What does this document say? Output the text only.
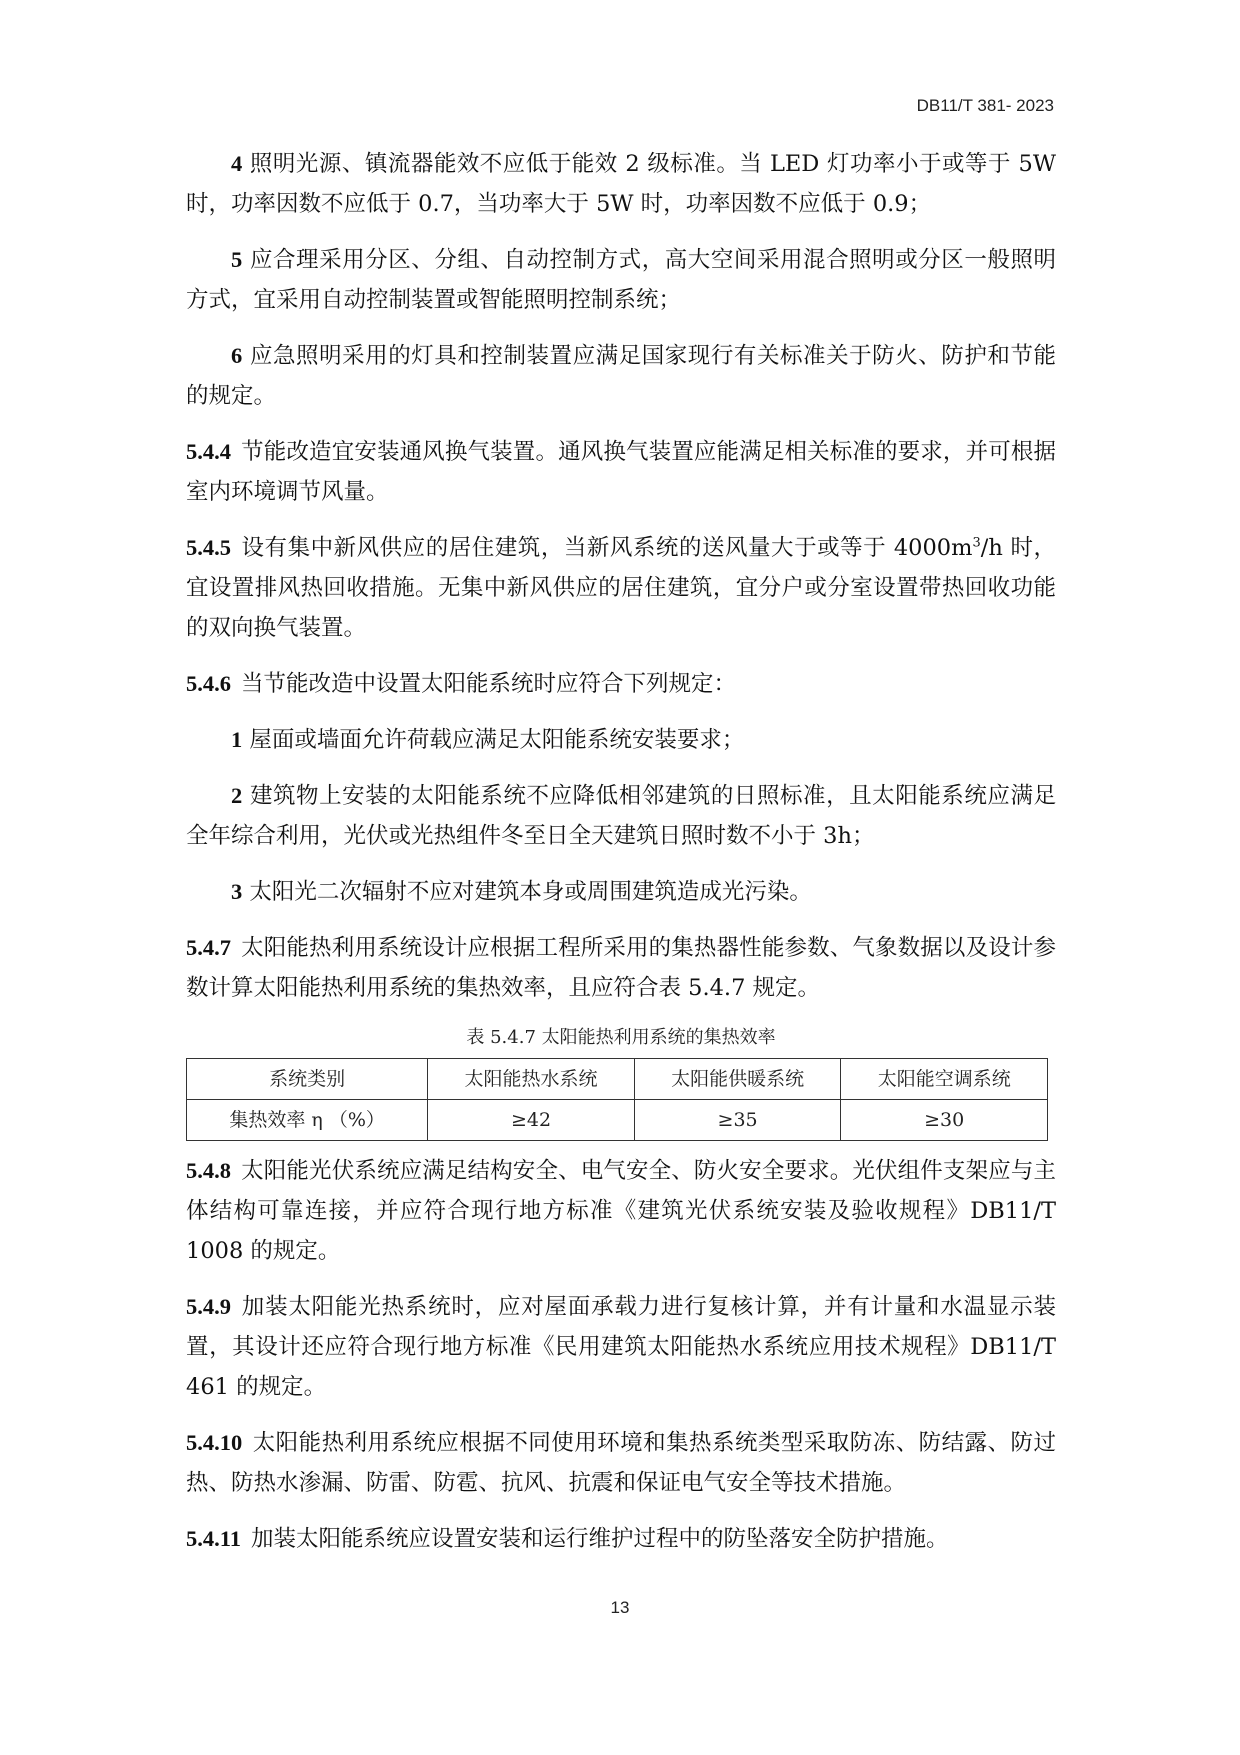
DB11/T 381- 2023

4 照明光源、镇流器能效不应低于能效 2 级标准。当 LED 灯功率小于或等于 5W 时，功率因数不应低于 0.7，当功率大于 5W 时，功率因数不应低于 0.9；

5 应合理采用分区、分组、自动控制方式，高大空间采用混合照明或分区一般照明方式，宜采用自动控制装置或智能照明控制系统；

6 应急照明采用的灯具和控制装置应满足国家现行有关标准关于防火、防护和节能的规定。

5.4.4 节能改造宜安装通风换气装置。通风换气装置应能满足相关标准的要求，并可根据室内环境调节风量。

5.4.5 设有集中新风供应的居住建筑，当新风系统的送风量大于或等于 $4000m^3/h$ 时，宜设置排风热回收措施。无集中新风供应的居住建筑，宜分户或分室设置带热回收功能的双向换气装置。

5.4.6 当节能改造中设置太阳能系统时应符合下列规定：

1 屋面或墙面允许荷载应满足太阳能系统安装要求；

2 建筑物上安装的太阳能系统不应降低相邻建筑的日照标准，且太阳能系统应满足全年综合利用，光伏或光热组件冬至日全天建筑日照时数不小于 3h；

3 太阳光二次辐射不应对建筑本身或周围建筑造成光污染。

5.4.7 太阳能热利用系统设计应根据工程所采用的集热器性能参数、气象数据以及设计参数计算太阳能热利用系统的集热效率，且应符合表 5.4.7 规定。

表 5.4.7 太阳能热利用系统的集热效率
系统类别	太阳能热水系统	太阳能供暖系统	太阳能空调系统
集热效率 η （%）	≥42	≥35	≥30

5.4.8 太阳能光伏系统应满足结构安全、电气安全、防火安全要求。光伏组件支架应与主体结构可靠连接，并应符合现行地方标准《建筑光伏系统安装及验收规程》DB11/T 1008 的规定。

5.4.9 加装太阳能光热系统时，应对屋面承载力进行复核计算，并有计量和水温显示装置，其设计还应符合现行地方标准《民用建筑太阳能热水系统应用技术规程》DB11/T 461 的规定。

5.4.10 太阳能热利用系统应根据不同使用环境和集热系统类型采取防冻、防结露、防过热、防热水渗漏、防雷、防雹、抗风、抗震和保证电气安全等技术措施。

5.4.11 加装太阳能系统应设置安装和运行维护过程中的防坠落安全防护措施。

13
